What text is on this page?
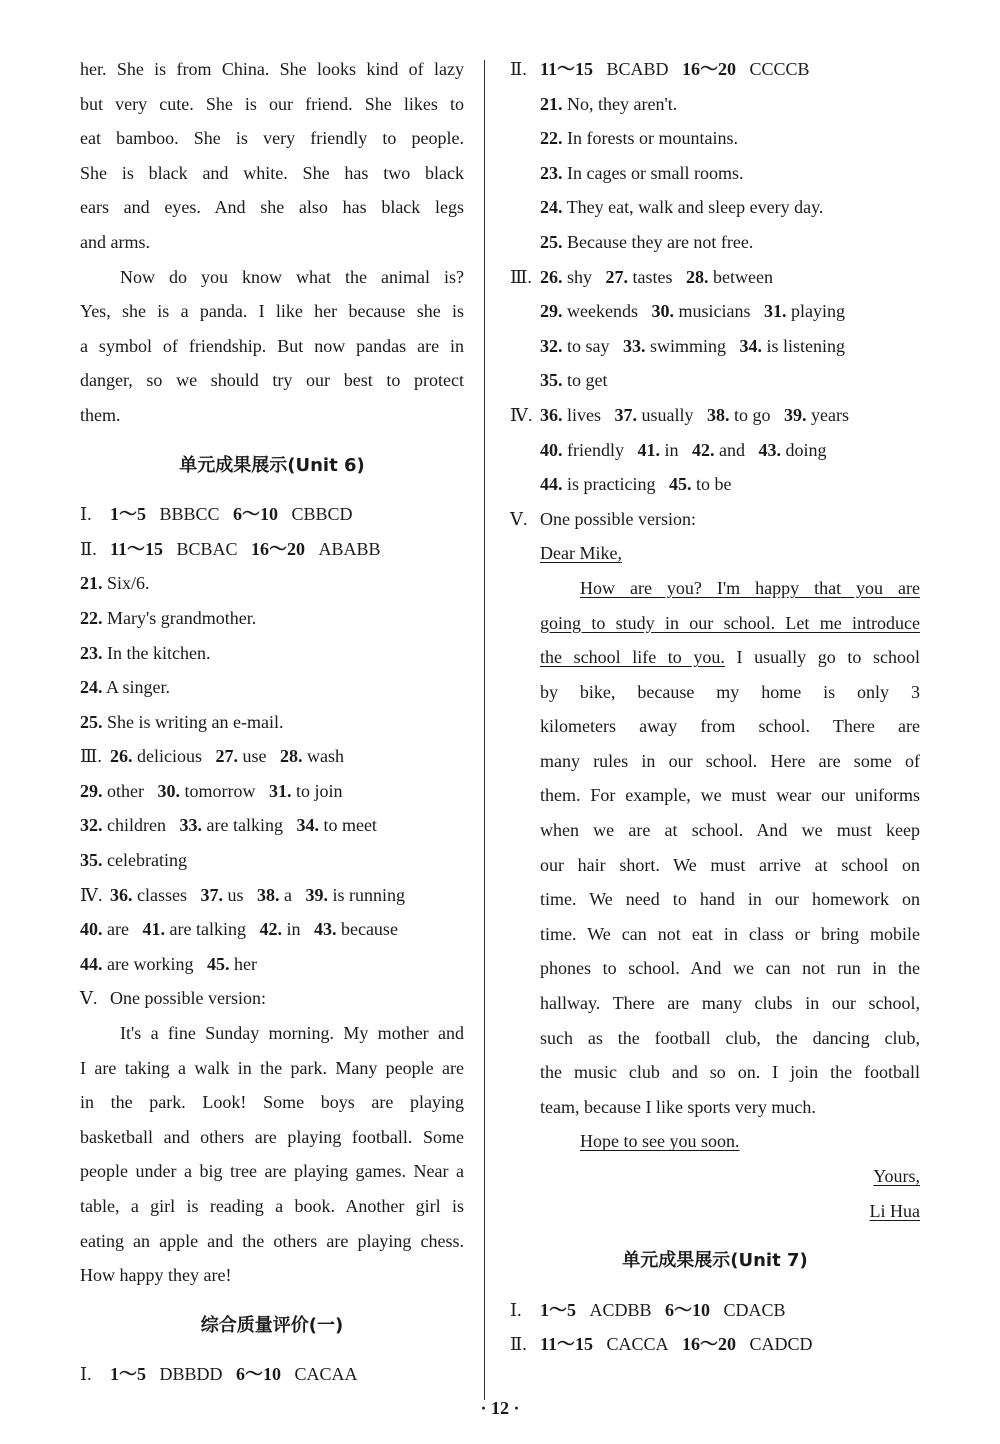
her. She is from China. She looks kind of lazy
but very cute. She is our friend. She likes to
eat bamboo. She is very friendly to people.
She is black and white. She has two black
ears and eyes. And she also has black legs
and arms.
Now do you know what the animal is?
Yes, she is a panda. I like her because she is
a symbol of friendship. But now pandas are in
danger, so we should try our best to protect
them.
单元成果展示(Unit 6)
Ⅰ. 1～5 BBBCC 6～10 CBBCD
Ⅱ. 11～15 BCBAC 16～20 ABABB
21. Six/6.
22. Mary's grandmother.
23. In the kitchen.
24. A singer.
25. She is writing an e-mail.
Ⅲ. 26. delicious 27. use 28. wash
29. other 30. tomorrow 31. to join
32. children 33. are talking 34. to meet
35. celebrating
Ⅳ. 36. classes 37. us 38. a 39. is running
40. are 41. are talking 42. in 43. because
44. are working 45. her
Ⅴ. One possible version:
It's a fine Sunday morning. My mother and
I are taking a walk in the park. Many people are
in the park. Look! Some boys are playing
basketball and others are playing football. Some
people under a big tree are playing games. Near a
table, a girl is reading a book. Another girl is
eating an apple and the others are playing chess.
How happy they are!
综合质量评价(一)
Ⅰ. 1～5 DBBDD 6～10 CACAA
Ⅱ. 11～15 BCABD 16～20 CCCCB
21. No, they aren't.
22. In forests or mountains.
23. In cages or small rooms.
24. They eat, walk and sleep every day.
25. Because they are not free.
Ⅲ. 26. shy 27. tastes 28. between
29. weekends 30. musicians 31. playing
32. to say 33. swimming 34. is listening
35. to get
Ⅳ. 36. lives 37. usually 38. to go 39. years
40. friendly 41. in 42. and 43. doing
44. is practicing 45. to be
Ⅴ. One possible version:
Dear Mike,
How are you? I'm happy that you are
going to study in our school. Let me introduce
the school life to you. I usually go to school
by bike, because my home is only 3
kilometers away from school. There are
many rules in our school. Here are some of
them. For example, we must wear our uniforms
when we are at school. And we must keep
our hair short. We must arrive at school on
time. We need to hand in our homework on
time. We can not eat in class or bring mobile
phones to school. And we can not run in the
hallway. There are many clubs in our school,
such as the football club, the dancing club,
the music club and so on. I join the football
team, because I like sports very much.
Hope to see you soon.
Yours,
Li Hua
单元成果展示(Unit 7)
Ⅰ. 1～5 ACDBB 6～10 CDACB
Ⅱ. 11～15 CACCA 16～20 CADCD
· 12 ·
